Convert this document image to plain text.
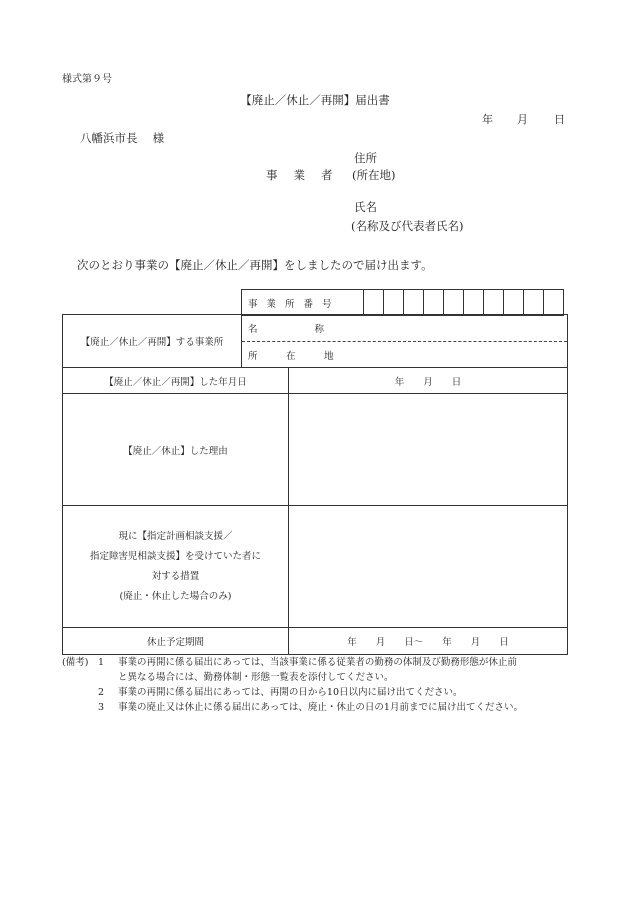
様式第９号
【廃止／休止／再開】届出書
年 月 日
八幡浜市長　 様
住所
事業者 (所在地)
氏名
(名称及び代表者氏名)
次のとおり事業の【廃止／休止／再開】をしましたので届け出ます。
事業所番号										
【廃止／休止／再開】する事業所	名　　　　　　称
所　　　在　　　地
【廃止／休止／再開】した年月日	年　　月　　日
【廃止／休止】した理由	

現に【指定計画相談支援／
指定障害児相談支援】を受けていた者に
対する措置
(廃止・休止した場合のみ)	

休止予定期間	年　　月　　日～　　年　　月　　日
(備考)	1	事業の再開に係る届出にあっては、当該事業に係る従業者の勤務の体制及び勤務形態が休止前
と異なる場合には、勤務体制・形態一覧表を添付してください。
2	事業の再開に係る届出にあっては、再開の日から10日以内に届け出てください。
3	事業の廃止又は休止に係る届出にあっては、廃止・休止の日の1月前までに届け出てください。
